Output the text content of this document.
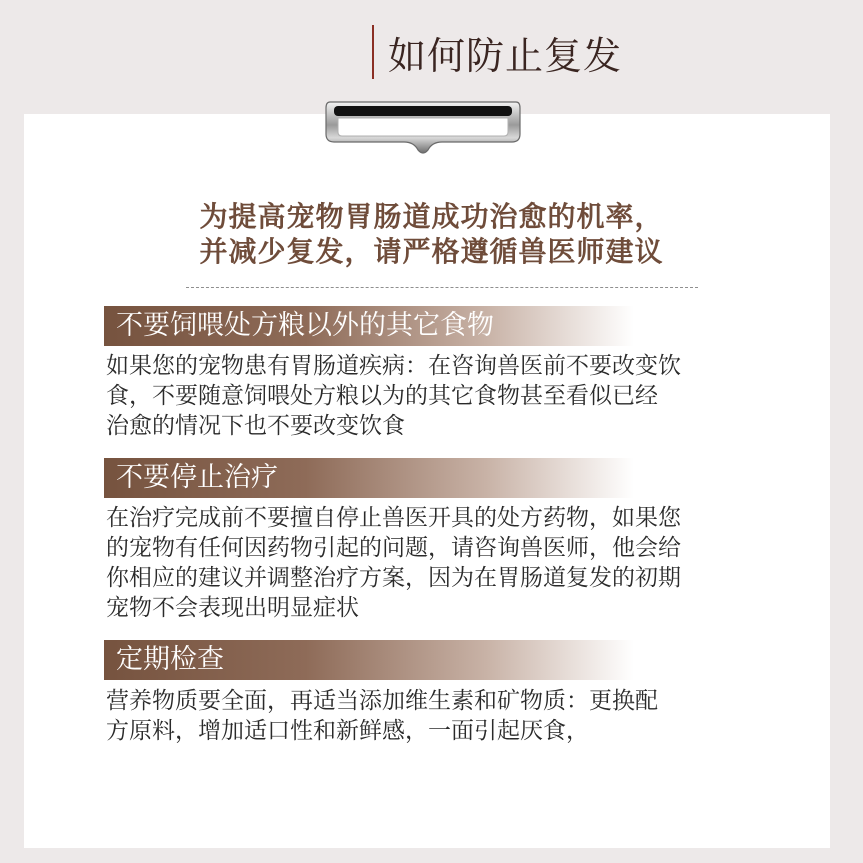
如何防止复发
为提高宠物胃肠道成功治愈的机率，
并减少复发，请严格遵循兽医师建议
不要饲喂处方粮以外的其它食物
如果您的宠物患有胃肠道疾病：在咨询兽医前不要改变饮
食，不要随意饲喂处方粮以为的其它食物甚至看似已经
治愈的情况下也不要改变饮食
不要停止治疗
在治疗完成前不要擅自停止兽医开具的处方药物，如果您
的宠物有任何因药物引起的问题，请咨询兽医师，他会给
你相应的建议并调整治疗方案，因为在胃肠道复发的初期
宠物不会表现出明显症状
定期检查
营养物质要全面，再适当添加维生素和矿物质：更换配
方原料，增加适口性和新鲜感，一面引起厌食，
